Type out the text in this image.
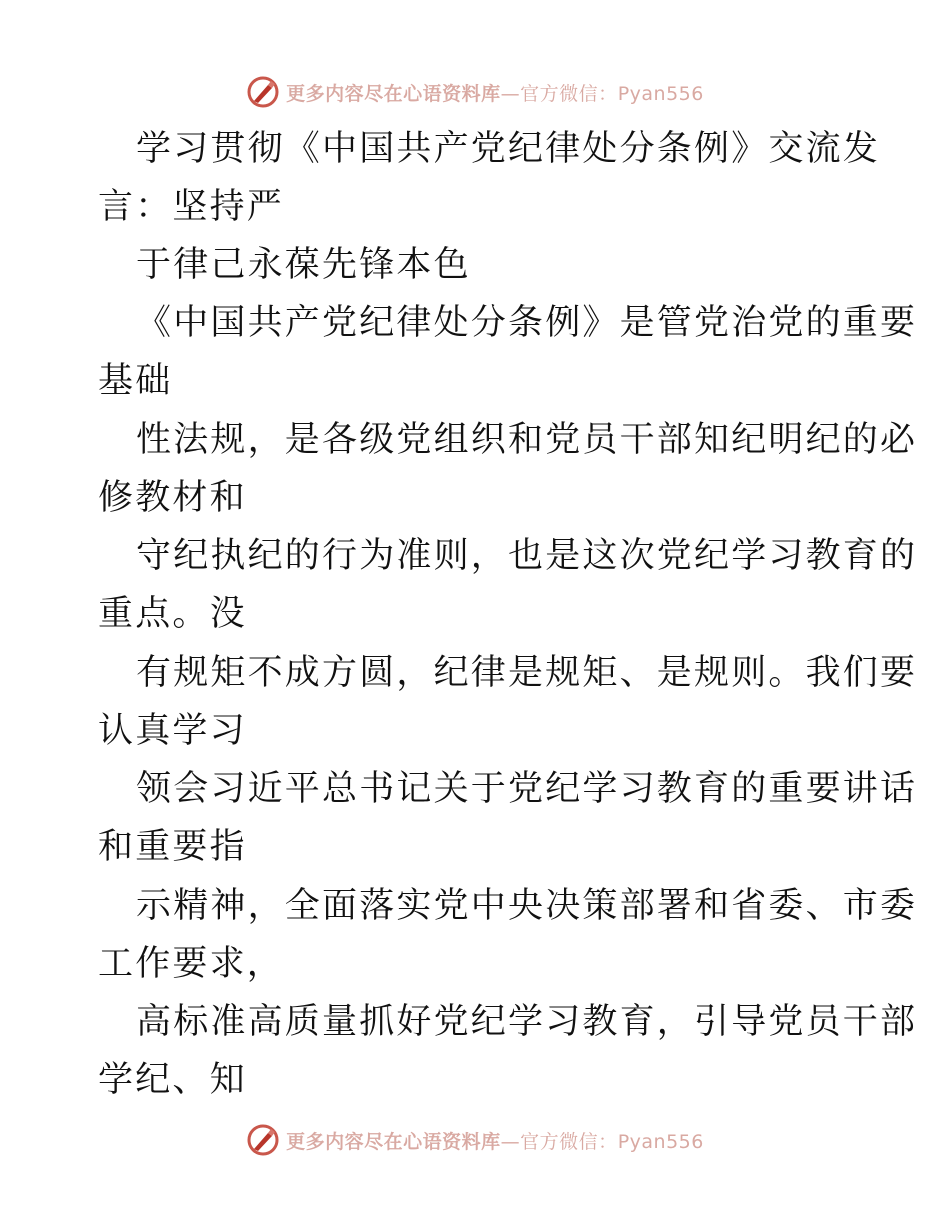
更多内容尽在心语资料库—官方微信：Pyan556
学习贯彻《中国共产党纪律处分条例》交流发
言：坚持严
于律己永葆先锋本色
《中国共产党纪律处分条例》是管党治党的重要
基础
性法规，是各级党组织和党员干部知纪明纪的必
修教材和
守纪执纪的行为准则，也是这次党纪学习教育的
重点。没
有规矩不成方圆，纪律是规矩、是规则。我们要
认真学习
领会习近平总书记关于党纪学习教育的重要讲话
和重要指
示精神，全面落实党中央决策部署和省委、市委
工作要求，
高标准高质量抓好党纪学习教育，引导党员干部
学纪、知
更多内容尽在心语资料库—官方微信：Pyan556
